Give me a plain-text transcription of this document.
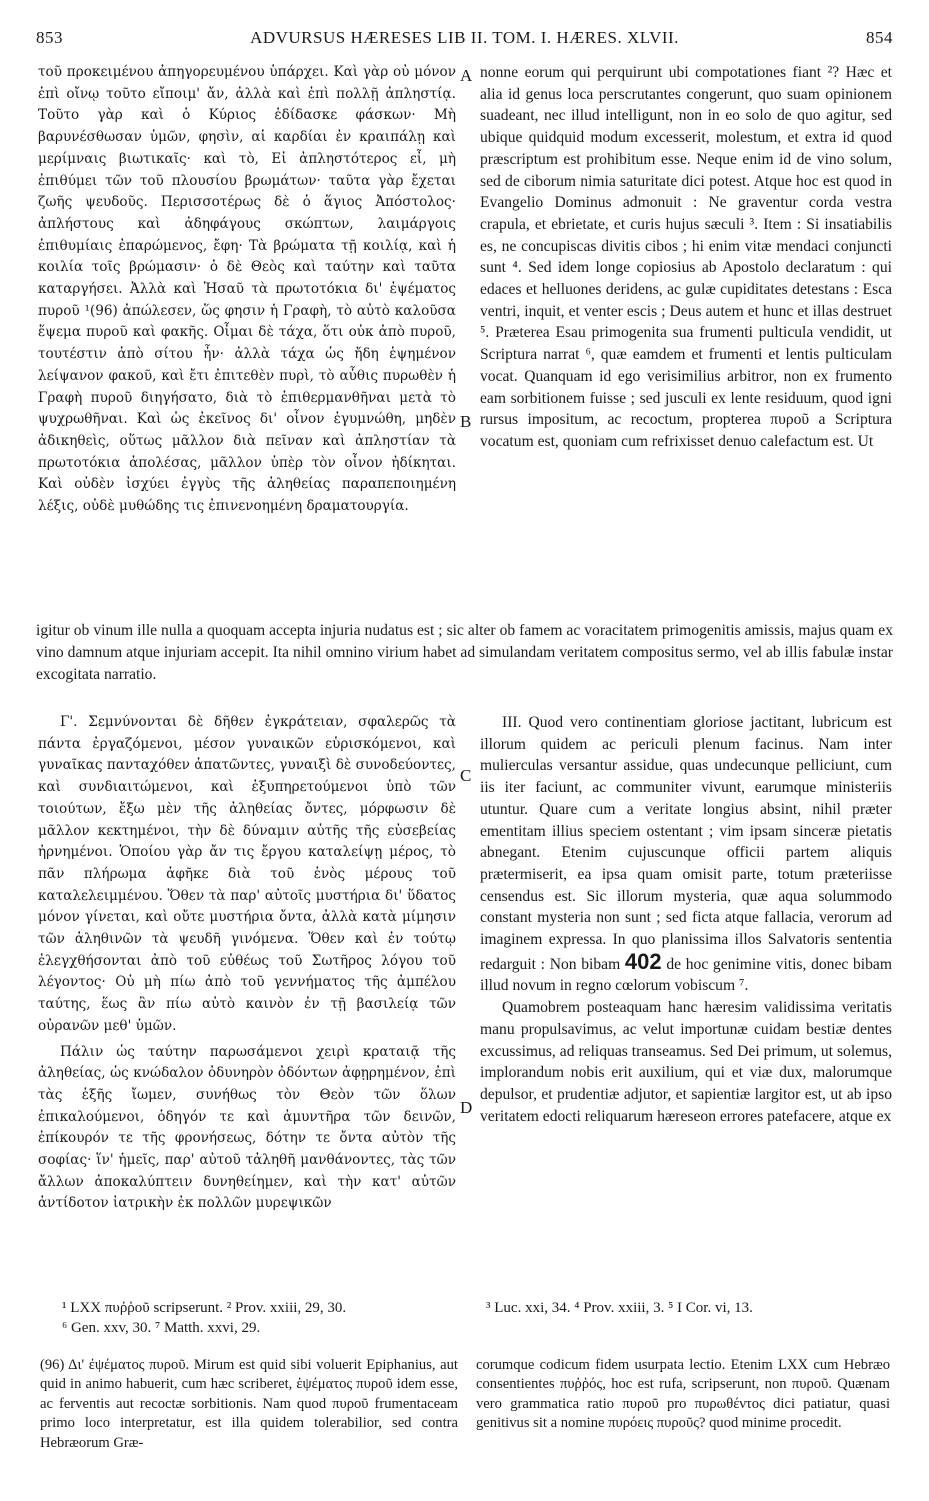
853	ADVURSUS HÆRESES LIB II. TOM. I. HÆRES. XLVII.	854

τοῦ προκειμένου ἀπηγορευμένου ὑπάρχει. Καὶ γὰρ οὐ μόνον ἐπὶ οἴνῳ τοῦτο εἴποιμ' ἄν, ἀλλὰ καὶ ἐπὶ πολλῇ ἀπληστίᾳ. Τοῦτο γὰρ καὶ ὁ Κύριος ἐδίδασκε φάσκων· Μὴ βαρυνέσθωσαν ὑμῶν, φησὶν, αἱ καρδίαι ἐν κραιπάλῃ καὶ μερίμναις βιωτικαῖς· καὶ τὸ, Εἰ ἀπληστότερος εἶ, μὴ ἐπιθύμει τῶν τοῦ πλουσίου βρωμάτων· ταῦτα γὰρ ἔχεται ζωῆς ψευδοῦς. Περισσοτέρως δὲ ὁ ἅγιος Ἀπόστολος· ἀπλήστους καὶ ἀδηφάγους σκώπτων, λαιμάργοις ἐπιθυμίαις ἐπαρώμενος, ἔφη· Τὰ βρώματα τῇ κοιλίᾳ, καὶ ἡ κοιλία τοῖς βρώμασιν· ὁ δὲ Θεὸς καὶ ταύτην καὶ ταῦτα καταργήσει. Ἀλλὰ καὶ Ἡσαῦ τὰ πρωτοτόκια δι' ἐψέματος πυροῦ ¹(96) ἀπώλεσεν, ὥς φησιν ἡ Γραφὴ, τὸ αὐτὸ καλοῦσα ἕψεμα πυροῦ καὶ φακῆς. Οἶμαι δὲ τάχα, ὅτι οὐκ ἀπὸ πυροῦ, τουτέστιν ἀπὸ σίτου ἦν· ἀλλὰ τάχα ὡς ἤδη ἑψημένον λείψανον φακοῦ, καὶ ἔτι ἐπιτεθὲν πυρὶ, τὸ αὖθις πυρωθὲν ἡ Γραφὴ πυροῦ διηγήσατο, διὰ τὸ ἐπιθερμανθῆναι μετὰ τὸ ψυχρωθῆναι. Καὶ ὡς ἐκεῖνος δι' οἶνον ἐγυμνώθη, μηδὲν ἀδικηθεὶς, οὕτως μᾶλλον διὰ πεῖναν καὶ ἀπληστίαν τὰ πρωτοτόκια ἀπολέσας, μᾶλλον ὑπὲρ τὸν οἶνον ἠδίκηται. Καὶ οὐδὲν ἰσχύει ἐγγὺς τῆς ἀληθείας παραπεποιημένη λέξις, οὐδὲ μυθώδης τις ἐπινενοημένη δραματουργία.

A
B

nonne eorum qui perquirunt ubi compotationes fiant ²? Hæc et alia id genus loca perscrutantes congerunt, quo suam opinionem suadeant, nec illud intelligunt, non in eo solo de quo agitur, sed ubique quidquid modum excesserit, molestum, et extra id quod præscriptum est prohibitum esse. Neque enim id de vino solum, sed de ciborum nimia saturitate dici potest. Atque hoc est quod in Evangelio Dominus admonuit : Ne graventur corda vestra crapula, et ebrietate, et curis hujus sæculi ³. Item : Si insatiabilis es, ne concupiscas divitis cibos ; hi enim vitæ mendaci conjuncti sunt ⁴. Sed idem longe copiosius ab Apostolo declaratum : qui edaces et helluones deridens, ac gulæ cupiditates detestans : Esca ventri, inquit, et venter escis ; Deus autem et hunc et illas destruet ⁵. Præterea Esau primogenita sua frumenti pulticula vendidit, ut Scriptura narrat ⁶, quæ eamdem et frumenti et lentis pulticulam vocat. Quanquam id ego verisimilius arbitror, non ex frumento eam sorbitionem fuisse ; sed jusculi ex lente residuum, quod igni rursus impositum, ac recoctum, propterea πυροῦ a Scriptura vocatum est, quoniam cum refrixisset denuo calefactum est. Ut

igitur ob vinum ille nulla a quoquam accepta injuria nudatus est ; sic alter ob famem ac voracitatem primogenitis amissis, majus quam ex vino damnum atque injuriam accepit. Ita nihil omnino virium habet ad simulandam veritatem compositus sermo, vel ab illis fabulæ instar excogitata narratio.

Γ'. Σεμνύνονται δὲ δῆθεν ἐγκράτειαν, σφαλερῶς τὰ πάντα ἐργαζόμενοι, μέσον γυναικῶν εὑρισκόμενοι, καὶ γυναῖκας πανταχόθεν ἀπατῶντες, γυναιξὶ δὲ συνοδεύοντες, καὶ συνδιαιτώμενοι, καὶ ἐξυπηρετούμενοι ὑπὸ τῶν τοιούτων, ἔξω μὲν τῆς ἀληθείας ὄντες, μόρφωσιν δὲ μᾶλλον κεκτημένοι, τὴν δὲ δύναμιν αὐτῆς τῆς εὐσεβείας ἠρνημένοι. Ὁποίου γὰρ ἄν τις ἔργου καταλείψῃ μέρος, τὸ πᾶν πλήρωμα ἀφῆκε διὰ τοῦ ἑνὸς μέρους τοῦ καταλελειμμένου. Ὅθεν τὰ παρ' αὐτοῖς μυστήρια δι' ὕδατος μόνον γίνεται, καὶ οὔτε μυστήρια ὄντα, ἀλλὰ κατὰ μίμησιν τῶν ἀληθινῶν τὰ ψευδῆ γινόμενα. Ὅθεν καὶ ἐν τούτῳ ἐλεγχθήσονται ἀπὸ τοῦ εὐθέως τοῦ Σωτῆρος λόγου τοῦ λέγοντος· Οὐ μὴ πίω ἀπὸ τοῦ γεννήματος τῆς ἀμπέλου ταύτης, ἕως ἂν πίω αὐτὸ καινὸν ἐν τῇ βασιλείᾳ τῶν οὐρανῶν μεθ' ὑμῶν.

Πάλιν ὡς ταύτην παρωσάμενοι χειρὶ κραταιᾷ τῆς ἀληθείας, ὡς κνώδαλον ὀδυνηρὸν ὀδόντων ἀφῃρημένον, ἐπὶ τὰς ἑξῆς ἴωμεν, συνήθως τὸν Θεὸν τῶν ὅλων ἐπικαλούμενοι, ὁδηγόν τε καὶ ἀμυντῆρα τῶν δεινῶν, ἐπίκουρόν τε τῆς φρονήσεως, δότην τε ὄντα αὐτὸν τῆς σοφίας· ἵν' ἡμεῖς, παρ' αὐτοῦ τἀληθῆ μανθάνοντες, τὰς τῶν ἄλλων ἀποκαλύπτειν δυνηθείημεν, καὶ τὴν κατ' αὐτῶν ἀντίδοτον ἰατρικὴν ἐκ πολλῶν μυρεψικῶν

C
D

III. Quod vero continentiam gloriose jactitant, lubricum est illorum quidem ac periculi plenum facinus. Nam inter mulierculas versantur assidue, quas undecunque pelliciunt, cum iis iter faciunt, ac communiter vivunt, earumque ministeriis utuntur. Quare cum a veritate longius absint, nihil præter ementitam illius speciem ostentant ; vim ipsam sinceræ pietatis abnegant. Etenim cujuscunque officii partem aliquis prætermiserit, ea ipsa quam omisit parte, totum præteriisse censendus est. Sic illorum mysteria, quæ aqua solummodo constant mysteria non sunt ; sed ficta atque fallacia, verorum ad imaginem expressa. In quo planissima illos Salvatoris sententia redarguit : Non bibam 402 de hoc genimine vitis, donec bibam illud novum in regno cœlorum vobiscum ⁷.

Quamobrem posteaquam hanc hæresim validissima veritatis manu propulsavimus, ac velut importunæ cuidam bestiæ dentes excussimus, ad reliquas transeamus. Sed Dei primum, ut solemus, implorandum nobis erit auxilium, qui et viæ dux, malorumque depulsor, et prudentiæ adjutor, et sapientiæ largitor est, ut ab ipso veritatem edocti reliquarum hæreseon errores patefacere, atque ex

¹ LXX πυῤῥοῦ scripserunt. ² Prov. xxiii, 29, 30.
⁶ Gen. xxv, 30. ⁷ Matth. xxvi, 29.
³ Luc. xxi, 34. ⁴ Prov. xxiii, 3. ⁵ I Cor. vi, 13.

(96) Δι' ἐψέματος πυροῦ. Mirum est quid sibi voluerit Epiphanius, aut quid in animo habuerit, cum hæc scriberet, ἑψέματος πυροῦ idem esse, ac ferventis aut recoctæ sorbitionis. Nam quod πυροῦ frumentaceam primo loco interpretatur, est illa quidem tolerabilior, sed contra Hebræorum Græ-

corumque codicum fidem usurpata lectio. Etenim LXX cum Hebræo consentientes πυῤῥός, hoc est rufa, scripserunt, non πυροῦ. Quænam vero grammatica ratio πυροῦ pro πυρωθέντος dici patiatur, quasi genitivus sit a nomine πυρόεις πυροῦς? quod minime procedit.
